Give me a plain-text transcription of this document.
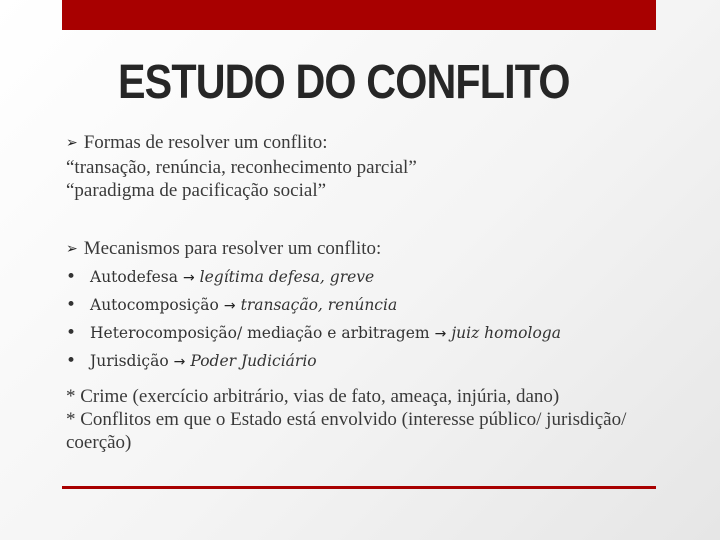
ESTUDO DO CONFLITO
➢ Formas de resolver um conflito:
“transação, renúncia, reconhecimento parcial”
“paradigma de pacificação social”
➢ Mecanismos para resolver um conflito:
• Autodefesa → legítima defesa, greve
• Autocomposição → transação, renúncia
• Heterocomposição/ mediação e arbitragem → juiz homologa
• Jurisdição → Poder Judiciário
* Crime (exercício arbitrário, vias de fato, ameaça, injúria, dano)
* Conflitos em que o Estado está envolvido (interesse público/ jurisdição/ coerção)
